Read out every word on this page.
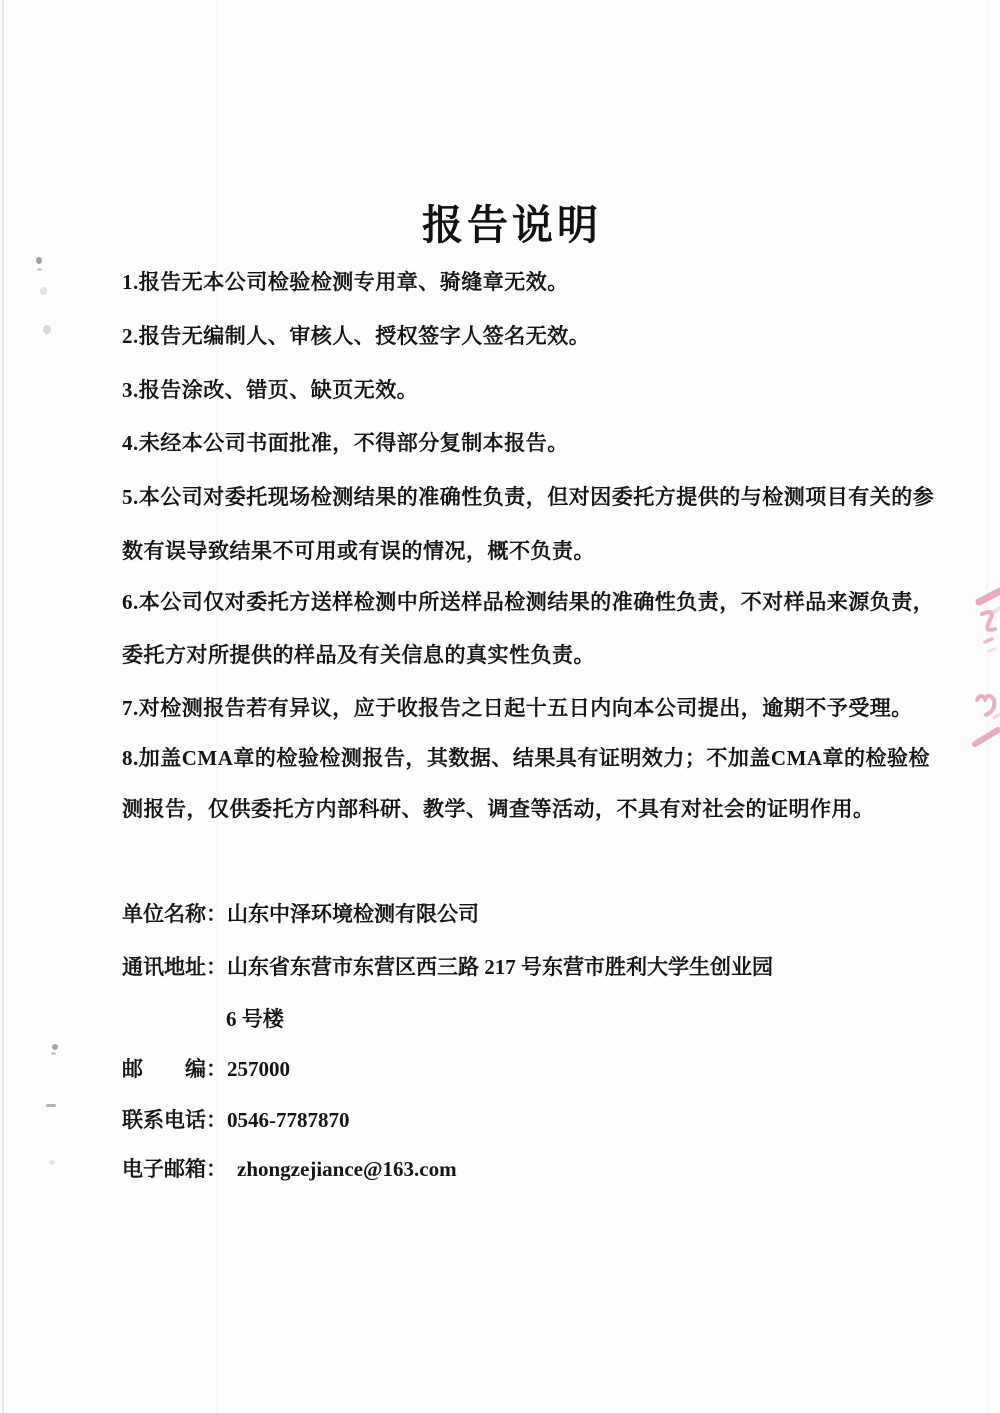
报告说明
1.报告无本公司检验检测专用章、骑缝章无效。
2.报告无编制人、审核人、授权签字人签名无效。
3.报告涂改、错页、缺页无效。
4.未经本公司书面批准，不得部分复制本报告。
5.本公司对委托现场检测结果的准确性负责，但对因委托方提供的与检测项目有关的参
数有误导致结果不可用或有误的情况，概不负责。
6.本公司仅对委托方送样检测中所送样品检测结果的准确性负责，不对样品来源负责，
委托方对所提供的样品及有关信息的真实性负责。
7.对检测报告若有异议，应于收报告之日起十五日内向本公司提出，逾期不予受理。
8.加盖CMA章的检验检测报告，其数据、结果具有证明效力；不加盖CMA章的检验检
测报告，仅供委托方内部科研、教学、调查等活动，不具有对社会的证明作用。
单位名称：山东中泽环境检测有限公司
通讯地址：山东省东营市东营区西三路 217 号东营市胜利大学生创业园
6 号楼
邮　　编：257000
联系电话：0546-7787870
电子邮箱： zhongzejiance@163.com
